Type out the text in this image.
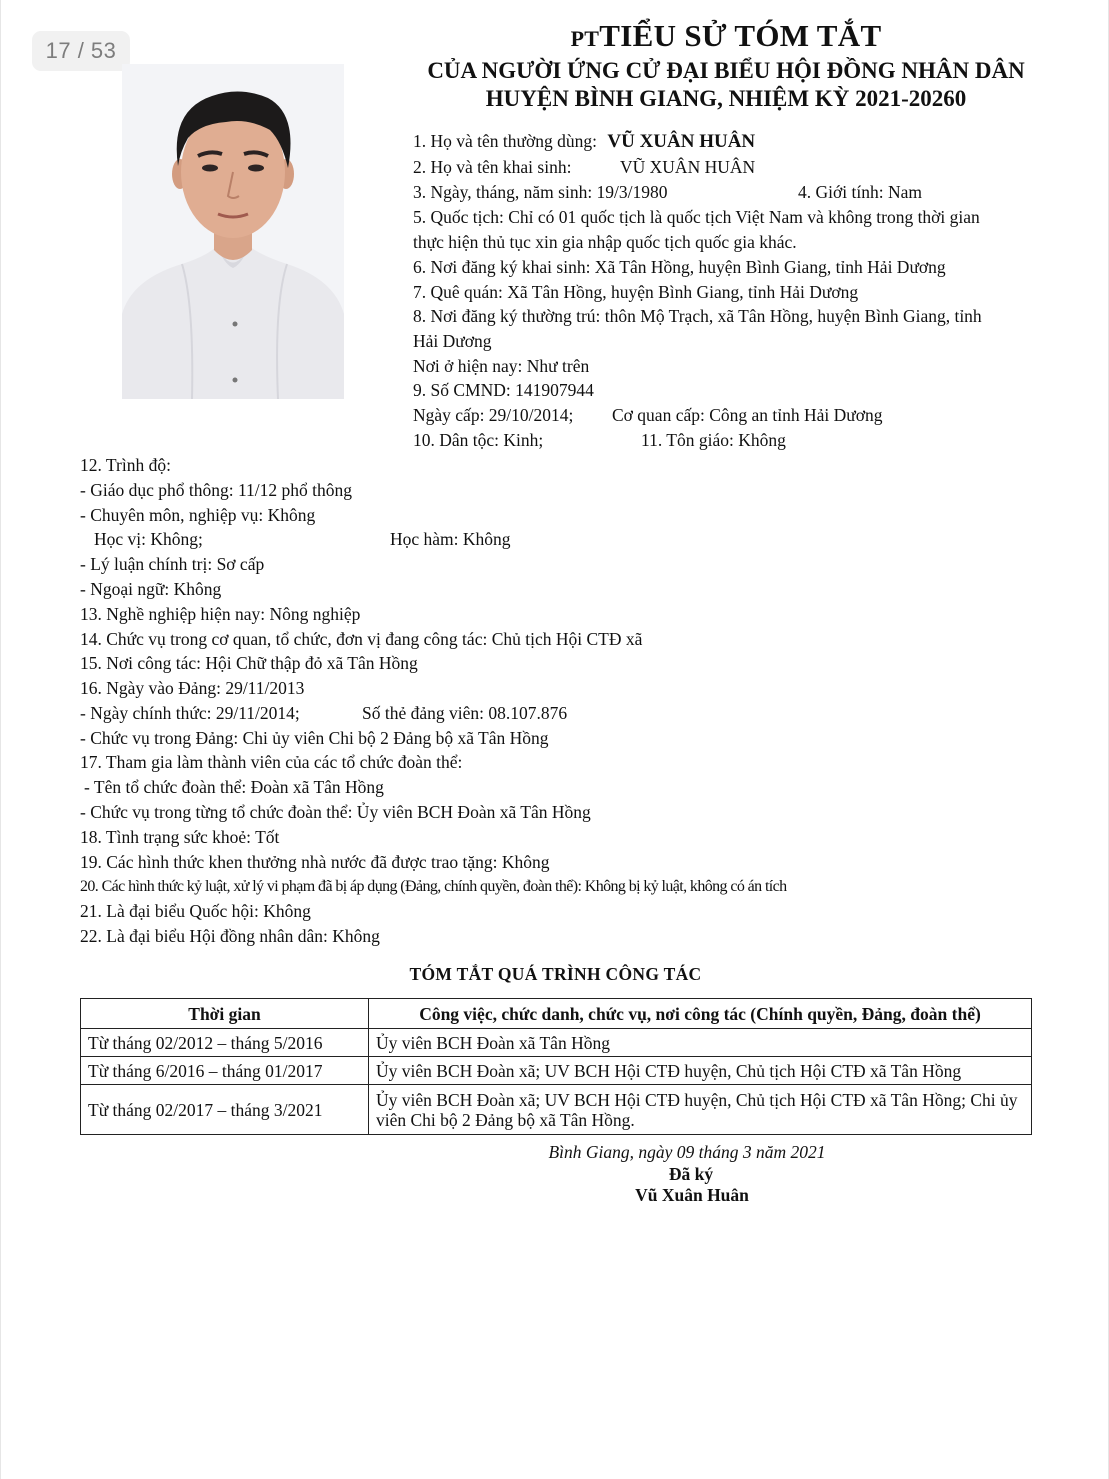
17 / 53	PTTIỂU SỬ TÓM TẮT
CỦA NGƯỜI ỨNG CỬ ĐẠI BIỂU HỘI ĐỒNG NHÂN DÂN
HUYỆN BÌNH GIANG, NHIỆM KỲ 2021-20260
1. Họ và tên thường dùng: VŨ XUÂN HUÂN
2. Họ và tên khai sinh:	VŨ XUÂN HUÂN
3. Ngày, tháng, năm sinh: 19/3/1980	4. Giới tính: Nam
5. Quốc tịch: Chỉ có 01 quốc tịch là quốc tịch Việt Nam và không trong thời gian
thực hiện thủ tục xin gia nhập quốc tịch quốc gia khác.
6. Nơi đăng ký khai sinh: Xã Tân Hồng, huyện Bình Giang, tỉnh Hải Dương
7. Quê quán: Xã Tân Hồng, huyện Bình Giang, tỉnh Hải Dương
8. Nơi đăng ký thường trú: thôn Mộ Trạch, xã Tân Hồng, huyện Bình Giang, tỉnh
Hải Dương
Nơi ở hiện nay: Như trên
9. Số CMND: 141907944
Ngày cấp: 29/10/2014; Cơ quan cấp: Công an tỉnh Hải Dương
10. Dân tộc: Kinh;	11. Tôn giáo: Không
12. Trình độ:
- Giáo dục phổ thông: 11/12 phổ thông
- Chuyên môn, nghiệp vụ: Không
Học vị: Không;	Học hàm: Không
- Lý luận chính trị: Sơ cấp
- Ngoại ngữ: Không
13. Nghề nghiệp hiện nay: Nông nghiệp
14. Chức vụ trong cơ quan, tổ chức, đơn vị đang công tác: Chủ tịch Hội CTĐ xã
15. Nơi công tác: Hội Chữ thập đỏ xã Tân Hồng
16. Ngày vào Đảng: 29/11/2013
- Ngày chính thức: 29/11/2014;	Số thẻ đảng viên: 08.107.876
- Chức vụ trong Đảng: Chi ủy viên Chi bộ 2 Đảng bộ xã Tân Hồng
17. Tham gia làm thành viên của các tổ chức đoàn thể:
- Tên tổ chức đoàn thể: Đoàn xã Tân Hồng
- Chức vụ trong từng tổ chức đoàn thể: Ủy viên BCH Đoàn xã Tân Hồng
18. Tình trạng sức khoẻ: Tốt
19. Các hình thức khen thưởng nhà nước đã được trao tặng: Không
20. Các hình thức kỷ luật, xử lý vi phạm đã bị áp dụng (Đảng, chính quyền, đoàn thể): Không bị kỷ luật, không có án tích
21. Là đại biểu Quốc hội: Không
22. Là đại biểu Hội đồng nhân dân: Không
TÓM TẮT QUÁ TRÌNH CÔNG TÁC
Thời gian	Công việc, chức danh, chức vụ, nơi công tác (Chính quyền, Đảng, đoàn thể)
Từ tháng 02/2012 – tháng 5/2016	Ủy viên BCH Đoàn xã Tân Hồng
Từ tháng 6/2016 – tháng 01/2017	Ủy viên BCH Đoàn xã; UV BCH Hội CTĐ huyện, Chủ tịch Hội CTĐ xã Tân Hồng
Từ tháng 02/2017 – tháng 3/2021	Ủy viên BCH Đoàn xã; UV BCH Hội CTĐ huyện, Chủ tịch Hội CTĐ xã Tân Hồng; Chi ủy viên Chi bộ 2 Đảng bộ xã Tân Hồng.
Bình Giang, ngày 09 tháng 3 năm 2021
Đã ký
Vũ Xuân Huân
